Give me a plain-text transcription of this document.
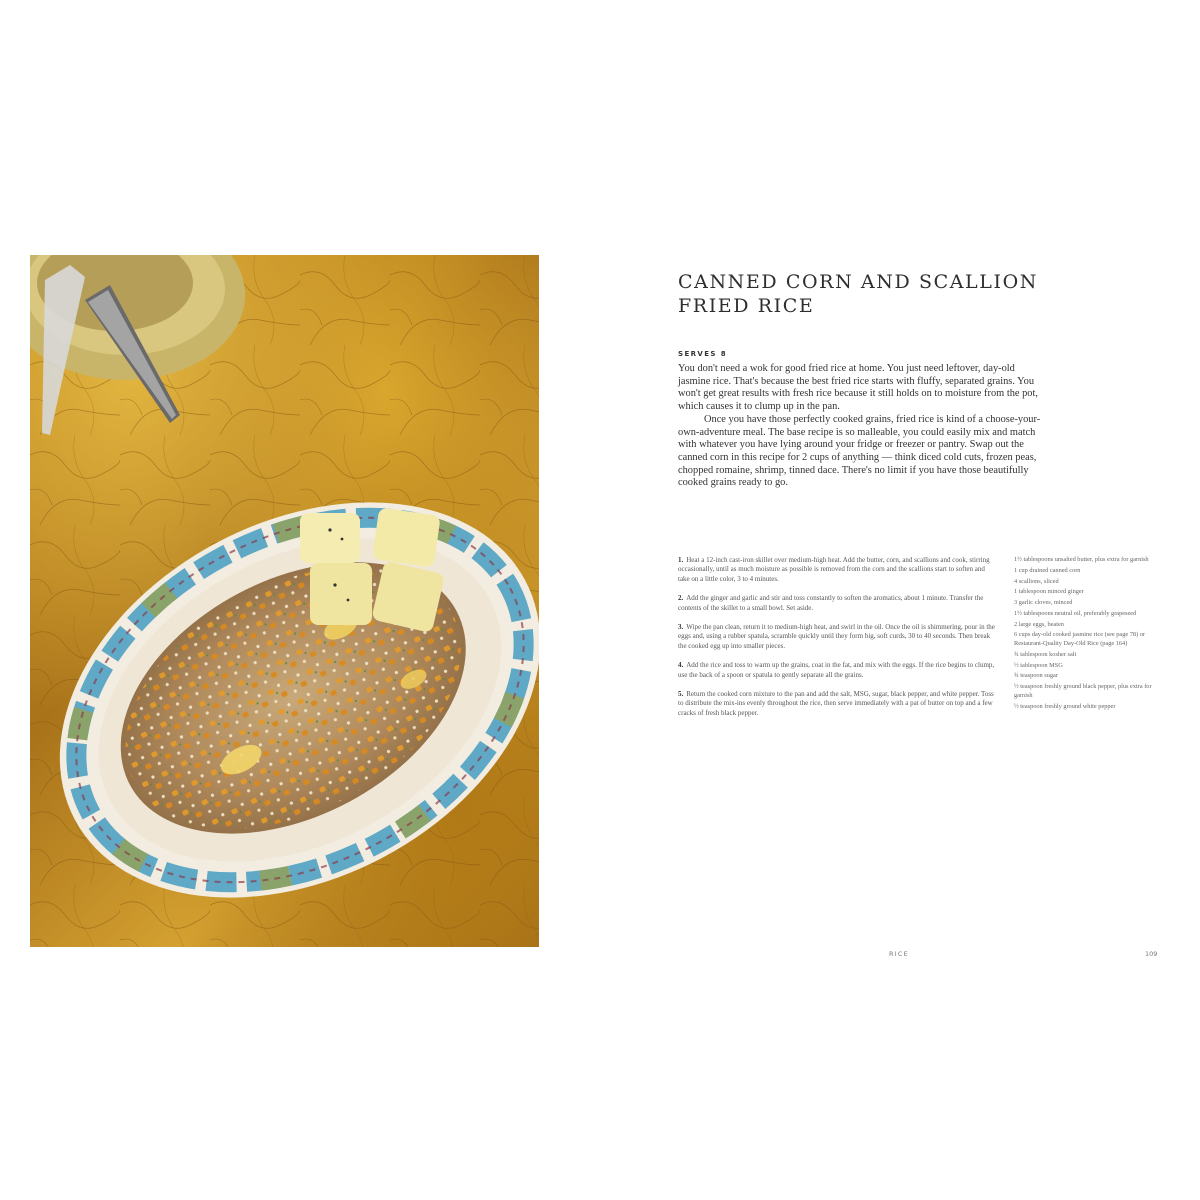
CANNED CORN AND SCALLION FRIED RICE
SERVES 8

You don't need a wok for good fried rice at home. You just need leftover, day-old jasmine rice. That's because the best fried rice starts with fluffy, separated grains. You won't get great results with fresh rice because it still holds on to moisture from the pot, which causes it to clump up in the pan.

Once you have those perfectly cooked grains, fried rice is kind of a choose-your-own-adventure meal. The base recipe is so malleable, you could easily mix and match with whatever you have lying around your fridge or freezer or pantry. Swap out the canned corn in this recipe for 2 cups of anything — think diced cold cuts, frozen peas, chopped romaine, shrimp, tinned dace. There's no limit if you have those beautifully cooked grains ready to go.

1. Heat a 12-inch cast-iron skillet over medium-high heat. Add the butter, corn, and scallions and cook, stirring occasionally, until as much moisture as possible is removed from the corn and the scallions start to soften and take on a little color, 3 to 4 minutes.

2. Add the ginger and garlic and stir and toss constantly to soften the aromatics, about 1 minute. Transfer the contents of the skillet to a small bowl. Set aside.

3. Wipe the pan clean, return it to medium-high heat, and swirl in the oil. Once the oil is shimmering, pour in the eggs and, using a rubber spatula, scramble quickly until they form big, soft curds, 30 to 40 seconds. Then break the cooked egg up into smaller pieces.

4. Add the rice and toss to warm up the grains, coat in the fat, and mix with the eggs. If the rice begins to clump, use the back of a spoon or spatula to gently separate all the grains.

5. Return the cooked corn mixture to the pan and add the salt, MSG, sugar, black pepper, and white pepper. Toss to distribute the mix-ins evenly throughout the rice, then serve immediately with a pat of butter on top and a few cracks of fresh black pepper.

1½ tablespoons unsalted butter, plus extra for garnish
1 cup drained canned corn
4 scallions, sliced
1 tablespoon minced ginger
3 garlic cloves, minced
1½ tablespoons neutral oil, preferably grapeseed
2 large eggs, beaten
6 cups day-old cooked jasmine rice (see page 78) or Restaurant-Quality Day-Old Rice (page 164)
¾ tablespoon kosher salt
½ tablespoon MSG
¾ teaspoon sugar
½ teaspoon freshly ground black pepper, plus extra for garnish
½ teaspoon freshly ground white pepper
RICE	109
